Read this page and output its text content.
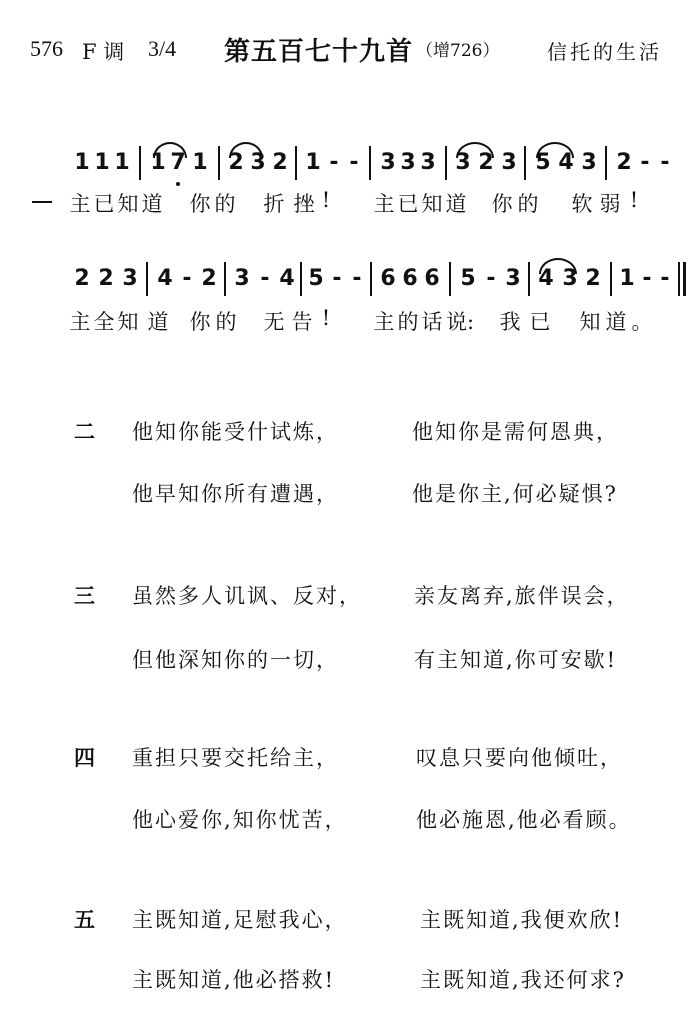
576 F 调 3/4 第五百七十九首 （增726） 信托的生活
1 1 1 1 7 1 2 3 2 1 - - 3 3 3 3 2 3 5 4 3 2 - -
主 已 知 道 你 的 折 挫 !	主 已 知 道 你 的 软 弱 !
2 2 3 4 - 2 3 - 4 5 - - 6 6 6 5 - 3 4 3 2 1 - -
主 全 知 道 你 的 无 告 !	主 的 话 说: 我 已 知 道 。
二 他知你能受什试炼，	他知你是需何恩典，
他早知你所有遭遇，	他是你主,何必疑惧?
三 虽然多人讥讽、反对， 亲友离弃,旅伴误会，
但他深知你的一切，	有主知道,你可安歇!
四 重担只要交托给主，	叹息只要向他倾吐，
他心爱你,知你忧苦，	他必施恩,他必看顾。
五 主既知道,足慰我心，	主既知道,我便欢欣!
主既知道,他必搭救!	主既知道,我还何求?
